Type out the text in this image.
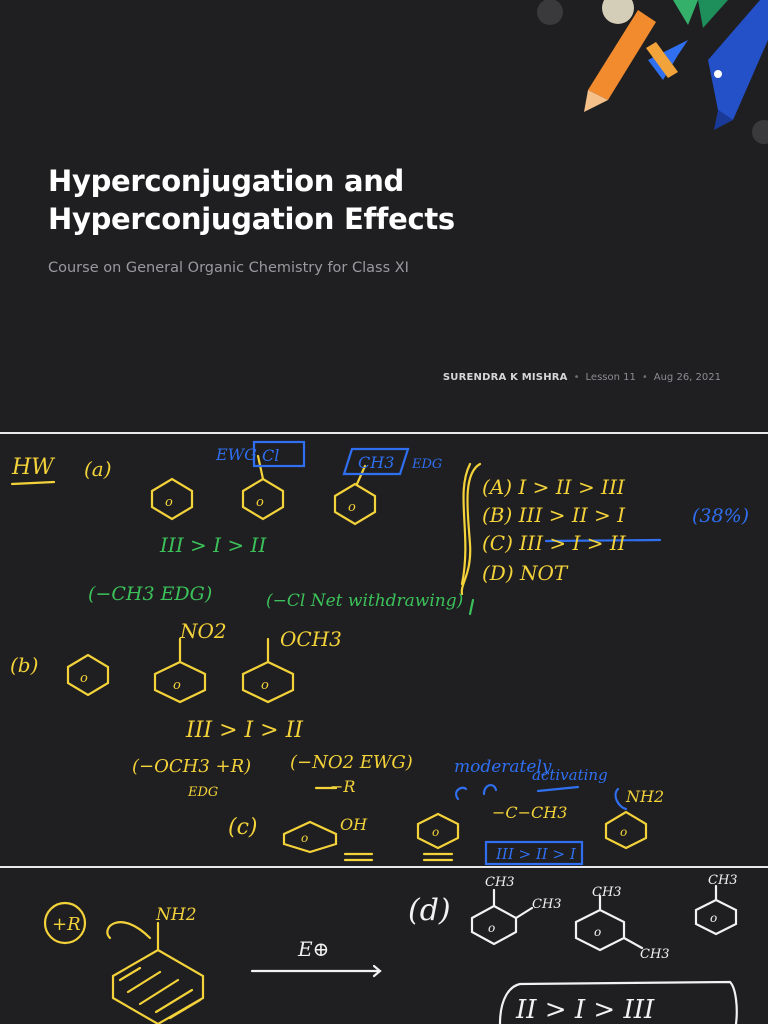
Hyperconjugation and
Hyperconjugation Effects
Course on General Organic Chemistry for Class XI
SURENDRA K MISHRA • Lesson 11 • Aug 26, 2021
HW (a)
o	o	o
(A) I > II > III
(B) III > II > I
(C) III > I > II
(D) NOT
(b)
o	o	o
NO2	OCH3
III > I > II
(−OCH3 +R)
EDG
(−NO2 EWG)
−R
(c)	o
OH	o
−C−CH3
o
NH2
EWG Cl	CH3 EDG
(38%)
moderately
activating
III > II > I
III > I > II
(−CH3 EDG)	(−Cl Net withdrawing)
+R	NH2
E⊕
(d)
CH3
CH3
CH3
CH3
CH3
o	o
o
II > I > III
